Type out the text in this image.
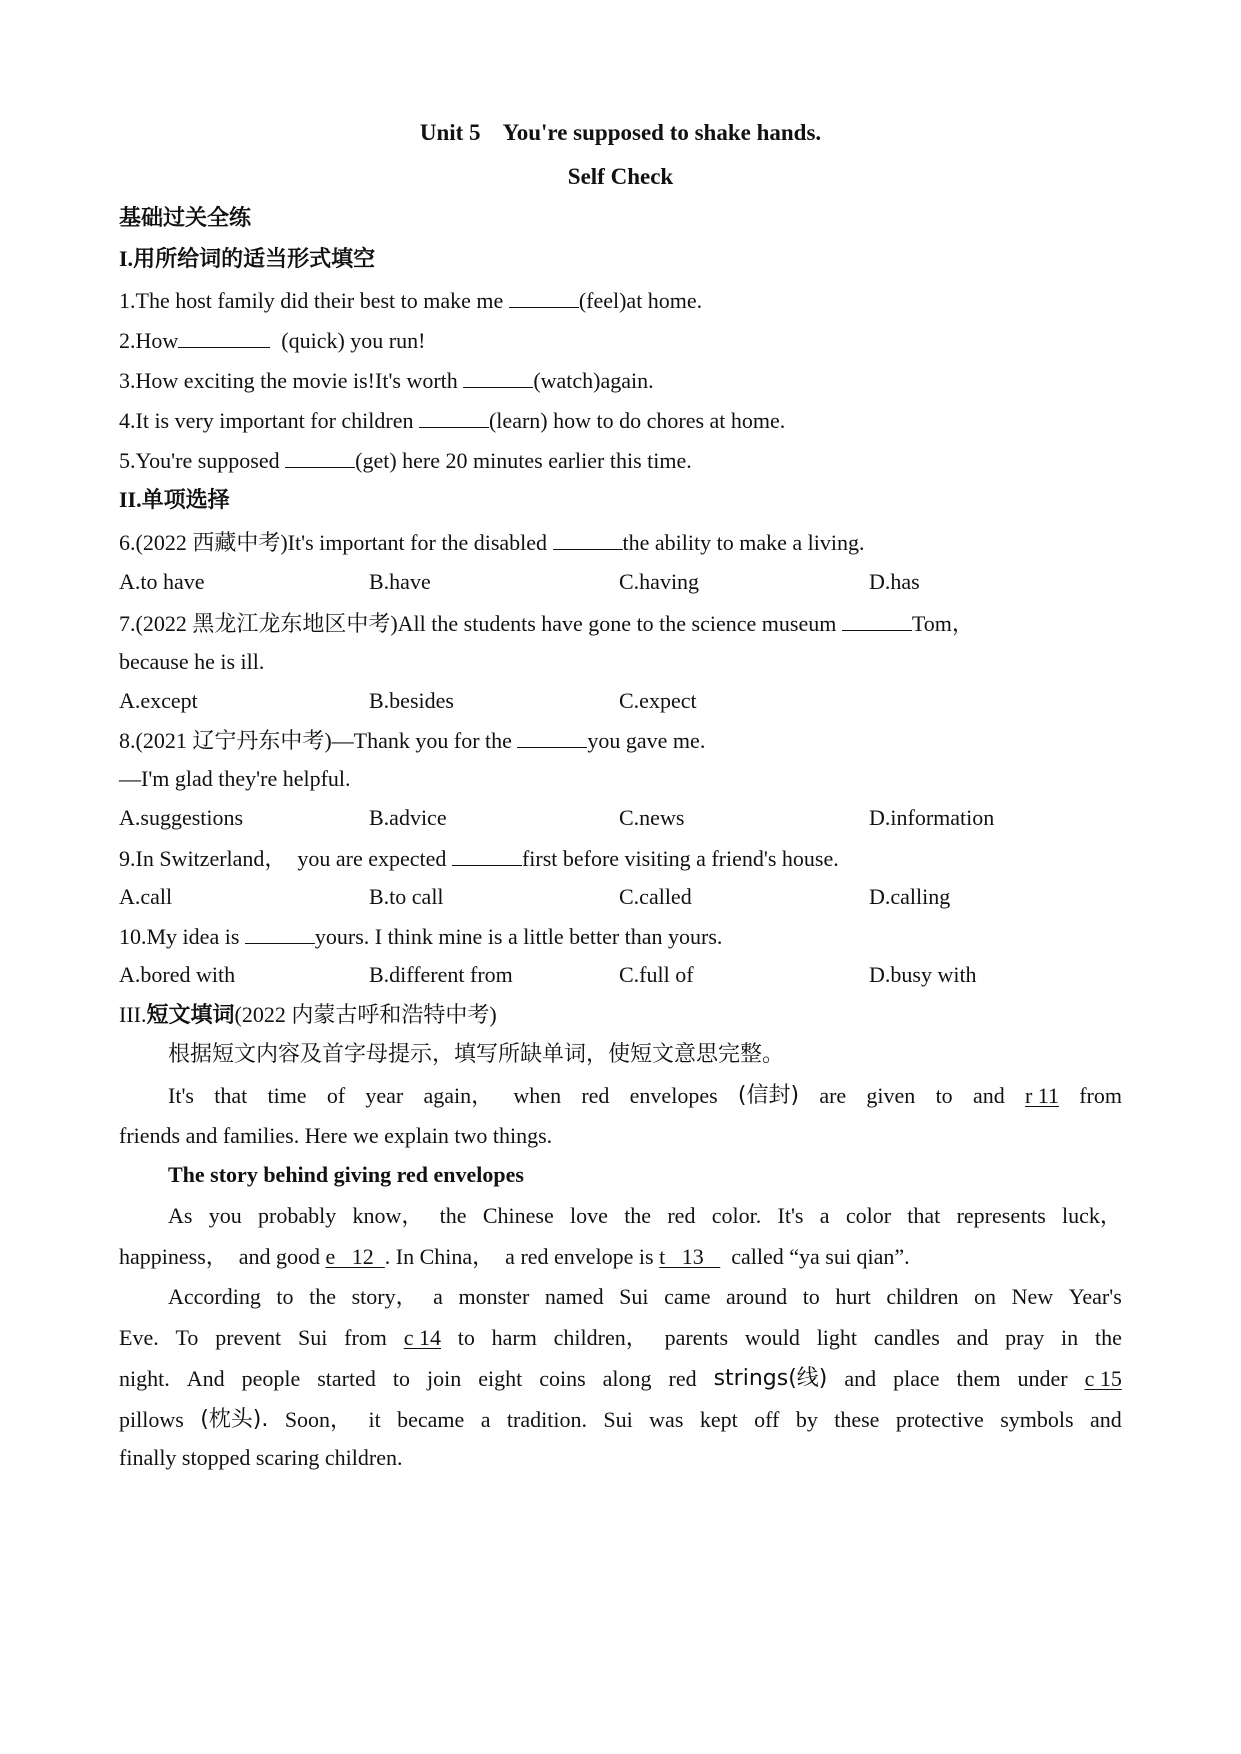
Unit 5    You're supposed to shake hands.
Self Check
基础过关全练
I.用所给词的适当形式填空
1.The host family did their best to make me	(feel)at home.
2.How	(quick) you run!
3.How exciting the movie is!It's worth	(watch)again.
4.It is very important for children	(learn) how to do chores at home.
5.You're supposed	(get) here 20 minutes earlier this time.
II.单项选择
6.(2022 西藏中考)It's important for the disabled	the ability to make a living.

A.to have

	B.have

	C.having

	D.has

7.(2022 黑龙江龙东地区中考)All the students have gone to the science museum	Tom，
because he is ill.

A.except

	B.besides

	C.expect

8.(2021 辽宁丹东中考)—Thank you for the	you gave me.
—I'm glad they're helpful.

A.suggestions

	B.advice

	C.news

	D.information

9.In Switzerland，  you are expected	first before visiting a friend's house.

A.call

	B.to call

	C.called

	D.calling

10.My idea is	yours. I think mine is a little better than yours.

A.bored with

	B.different from

	C.full of

	D.busy with

III.短文填词(2022 内蒙古呼和浩特中考)
根据短文内容及首字母提示，填写所缺单词，使短文意思完整。
It's that time of year again， when red envelopes (信封) are given to and r 11 from
friends and families. Here we explain two things.
The story behind giving red envelopes
As you probably know， the Chinese love the red color. It's a color that represents luck，
happiness，  and good e   12  . In China，  a red envelope is t   13     called “ya sui qian”.
According to the story， a monster named Sui came around to hurt children on New Year's
Eve. To prevent Sui from c 14 to harm children， parents would light candles and pray in the
night. And people started to join eight coins along red strings(线) and place them under c 15
pillows (枕头). Soon， it became a tradition. Sui was kept off by these protective symbols and
finally stopped scaring children.
